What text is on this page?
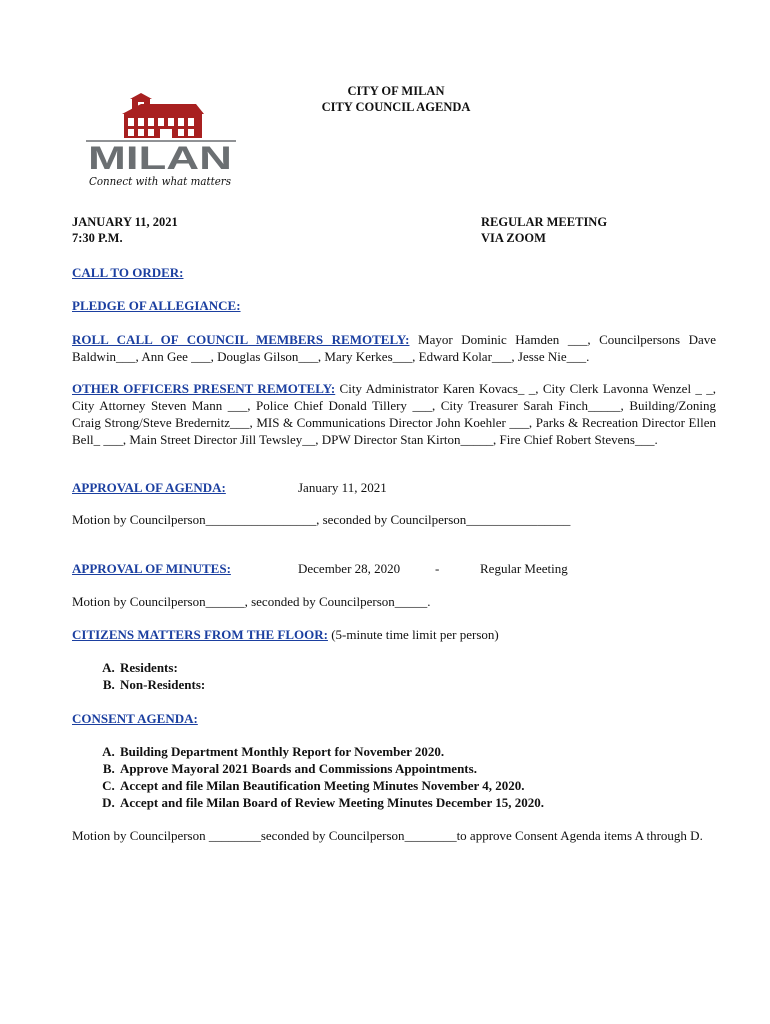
CITY OF MILAN
CITY COUNCIL AGENDA
MILAN
Connect with what matters
JANUARY 11, 2021
7:30 P.M.
REGULAR MEETING
VIA ZOOM
CALL TO ORDER:
PLEDGE OF ALLEGIANCE:
ROLL CALL OF COUNCIL MEMBERS REMOTELY: Mayor Dominic Hamden ___, Councilpersons Dave Baldwin___, Ann Gee ___, Douglas Gilson___, Mary Kerkes___, Edward Kolar___, Jesse Nie___.
OTHER OFFICERS PRESENT REMOTELY: City Administrator Karen Kovacs_ _, City Clerk Lavonna Wenzel _ _, City Attorney Steven Mann ___, Police Chief Donald Tillery ___, City Treasurer Sarah Finch_____, Building/Zoning Craig Strong/Steve Bredernitz___, MIS & Communications Director John Koehler ___, Parks & Recreation Director Ellen Bell_ ___, Main Street Director Jill Tewsley__, DPW Director Stan Kirton_____, Fire Chief Robert Stevens___.
APPROVAL OF AGENDA:	January 11, 2021
Motion by Councilperson_________________, seconded by Councilperson________________
APPROVAL OF MINUTES:	December 28, 2020	-	Regular Meeting
Motion by Councilperson______, seconded by Councilperson_____.
CITIZENS MATTERS FROM THE FLOOR: (5-minute time limit per person)
A. Residents:
B. Non-Residents:
CONSENT AGENDA:
A. Building Department Monthly Report for November 2020.
B. Approve Mayoral 2021 Boards and Commissions Appointments.
C. Accept and file Milan Beautification Meeting Minutes November 4, 2020.
D. Accept and file Milan Board of Review Meeting Minutes December 15, 2020.
Motion by Councilperson ________seconded by Councilperson________to approve Consent Agenda items A through D.
